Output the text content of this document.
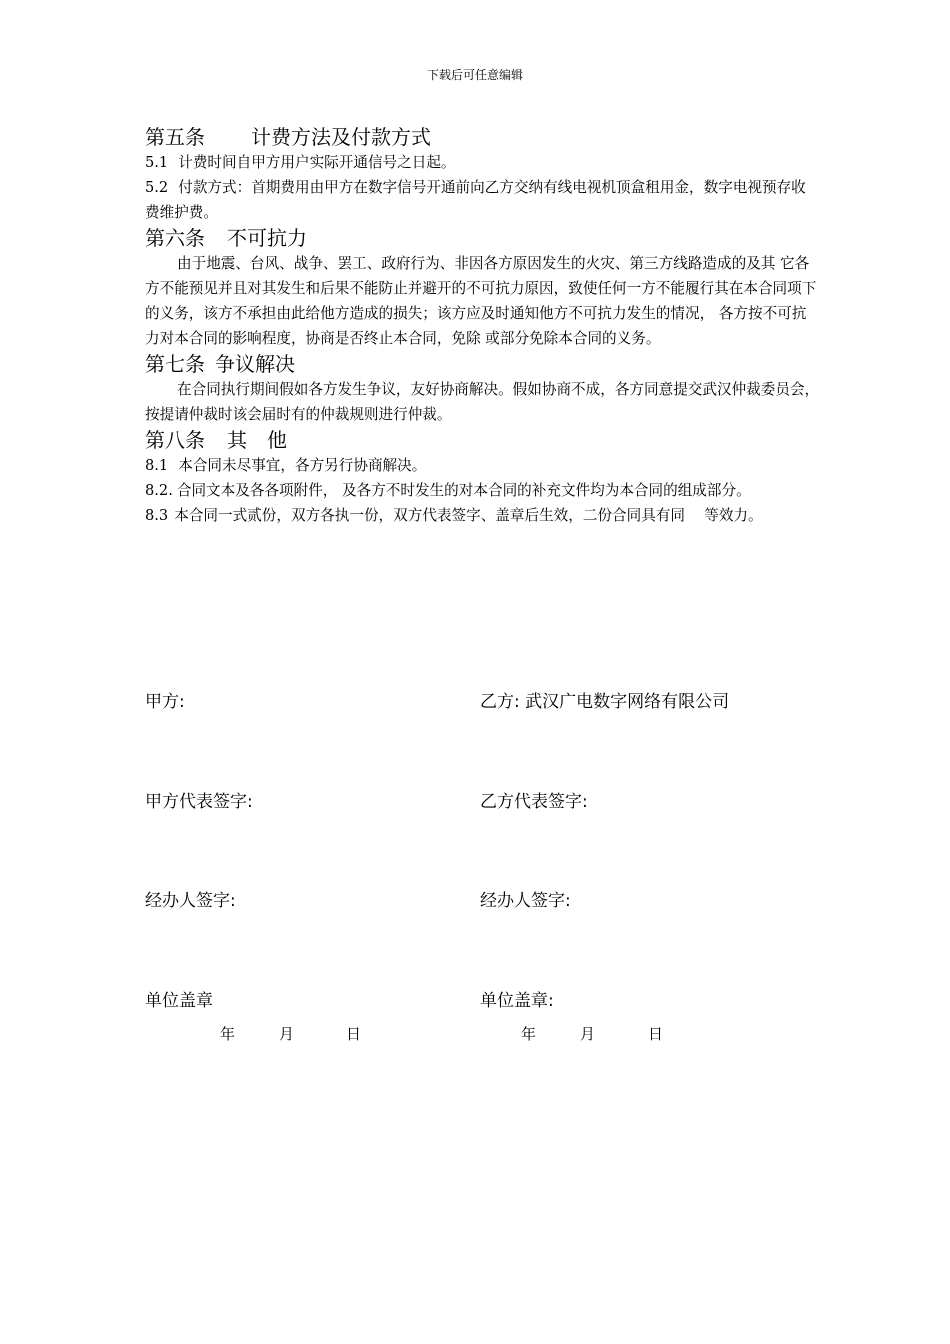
下载后可任意编辑
第五条 计费方法及付款方式

5.1 计费时间自甲方用户实际开通信号之日起。

5.2 付款方式：首期费用由甲方在数字信号开通前向乙方交纳有线电视机顶盒租用金，数字电视预存收费维护费。

第六条 不可抗力

由于地震、台风、战争、罢工、政府行为、非因各方原因发生的火灾、第三方线路造成的及其 它各方不能预见并且对其发生和后果不能防止并避开的不可抗力原因，致使任何一方不能履行其在本合同项下的义务，该方不承担由此给他方造成的损失；该方应及时通知他方不可抗力发生的情况， 各方按不可抗 力对本合同的影响程度，协商是否终止本合同，免除 或部分免除本合同的义务。

第七条 争议解决

在合同执行期间假如各方发生争议，友好协商解决。假如协商不成，各方同意提交武汉仲裁委员会，按提请仲裁时该会届时有的仲裁规则进行仲裁。

第八条 其　他

8.1 本合同未尽事宜，各方另行协商解决。

8.2. 合同文本及各各项附件， 及各方不时发生的对本合同的补充文件均为本合同的组成部分。

8.3 本合同一式贰份，双方各执一份，双方代表签字、盖章后生效，二份合同具有同　 等效力。

甲方:	乙方: 武汉广电数字网络有限公司
甲方代表签字:	乙方代表签字:
经办人签字:	经办人签字:
单位盖章	单位盖章:
年	月	日	年	月	日
